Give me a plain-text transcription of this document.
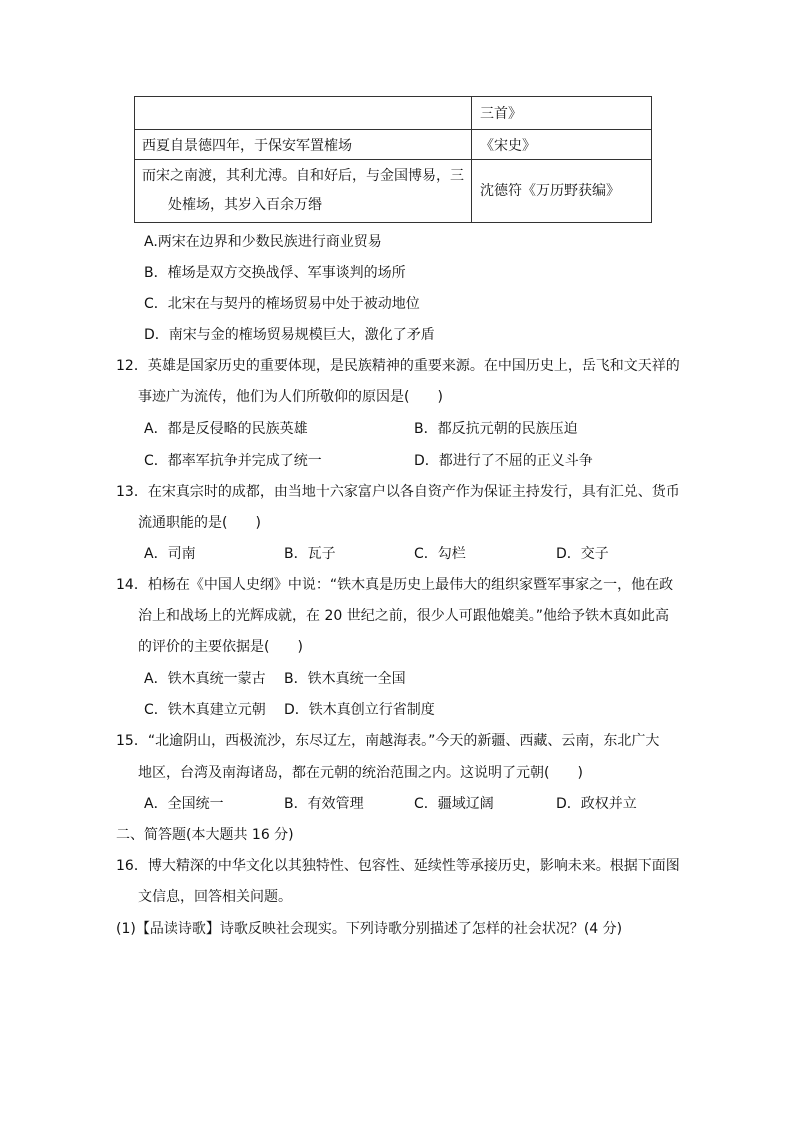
	三首》
西夏自景德四年，于保安军置榷场	《宋史》

而宋之南渡，其利尤溥。自和好后，与金国博易，三
处榷场，其岁入百余万缗	沈德符《万历野获编》
A.两宋在边界和少数民族进行商业贸易
B．榷场是双方交换战俘、军事谈判的场所
C．北宋在与契丹的榷场贸易中处于被动地位
D．南宋与金的榷场贸易规模巨大，激化了矛盾
12．英雄是国家历史的重要体现，是民族精神的重要来源。在中国历史上，岳飞和文天祥的
事迹广为流传，他们为人们所敬仰的原因是(　　)
A．都是反侵略的民族英雄	B．都反抗元朝的民族压迫
C．都率军抗争并完成了统一	D．都进行了不屈的正义斗争
13．在宋真宗时的成都，由当地十六家富户以各自资产作为保证主持发行，具有汇兑、货币
流通职能的是(　　)
A．司南	B．瓦子	C．勾栏	D．交子
14．柏杨在《中国人史纲》中说：“铁木真是历史上最伟大的组织家暨军事家之一，他在政
治上和战场上的光辉成就，在 20 世纪之前，很少人可跟他媲美。”他给予铁木真如此高
的评价的主要依据是(　　)
A．铁木真统一蒙古 B．铁木真统一全国
C．铁木真建立元朝 D．铁木真创立行省制度
15．“北逾阴山，西极流沙，东尽辽左，南越海表。”今天的新疆、西藏、云南，东北广大
地区，台湾及南海诸岛，都在元朝的统治范围之内。这说明了元朝(　　)
A．全国统一	B．有效管理	C．疆域辽阔	D．政权并立
二、简答题(本大题共 16 分)
16．博大精深的中华文化以其独特性、包容性、延续性等承接历史，影响未来。根据下面图
文信息，回答相关问题。
(1)【品读诗歌】诗歌反映社会现实。下列诗歌分别描述了怎样的社会状况？(4 分)
